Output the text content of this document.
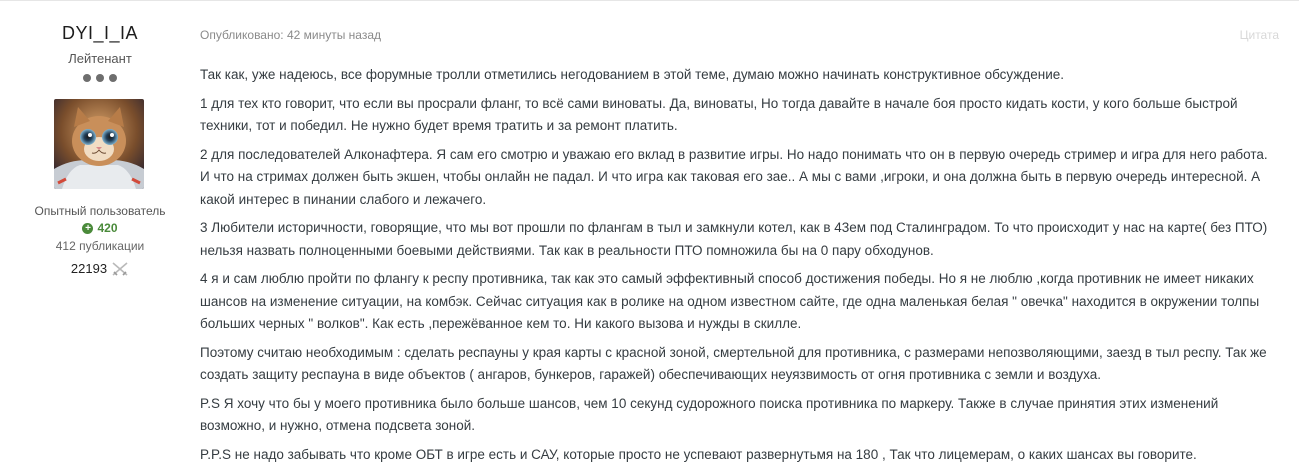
DYI_I_IA
Лейтенант
Опытный пользователь
+ 420
412 публикации
22193
Опубликовано: 42 минуты назад	Цитата

Так как, уже надеюсь, все форумные тролли отметились негодованием в этой теме, думаю можно начинать конструктивное обсуждение.

1 для тех кто говорит, что если вы просрали фланг, то всё сами виноваты. Да, виноваты, Но тогда давайте в начале боя просто кидать кости, у кого больше быстрой техники, тот и победил. Не нужно будет время тратить и за ремонт платить.

2 для последователей Алконафтера. Я сам его смотрю и уважаю его вклад в развитие игры. Но надо понимать что он в первую очередь стример и игра для него работа. И что на стримах должен быть экшен, чтобы онлайн не падал. И что игра как таковая его зае.. А мы с вами ,игроки, и она должна быть в первую очередь интересной. А какой интерес в пинании слабого и лежачего.

3 Любители историчности, говорящие, что мы вот прошли по флангам в тыл и замкнули котел, как в 43ем под Сталинградом. То что происходит у нас на карте( без ПТО) нельзя назвать полноценными боевыми действиями. Так как в реальности ПТО помножила бы на 0 пару обходунов.

4 я и сам люблю пройти по флангу к респу противника, так как это самый эффективный способ достижения победы. Но я не люблю ,когда противник не имеет никаких шансов на изменение ситуации, на комбэк. Сейчас ситуация как в ролике на одном известном сайте, где одна маленькая белая " овечка" находится в окружении толпы больших черных " волков". Как есть ,пережёванное кем то. Ни какого вызова и нужды в скилле.

Поэтому считаю необходимым : сделать респауны у края карты с красной зоной, смертельной для противника, с размерами непозволяющими, заезд в тыл респу. Так же создать защиту респауна в виде объектов ( ангаров, бункеров, гаражей) обеспечивающих неуязвимость от огня противника с земли и воздуха.

P.S Я хочу что бы у моего противника было больше шансов, чем 10 секунд судорожного поиска противника по маркеру. Также в случае принятия этих изменений возможно, и нужно, отмена подсвета зоной.

P.P.S не надо забывать что кроме ОБТ в игре есть и САУ, которые просто не успевают развернутьмя на 180 , Так что лицемерам, о каких шансах вы говорите.
